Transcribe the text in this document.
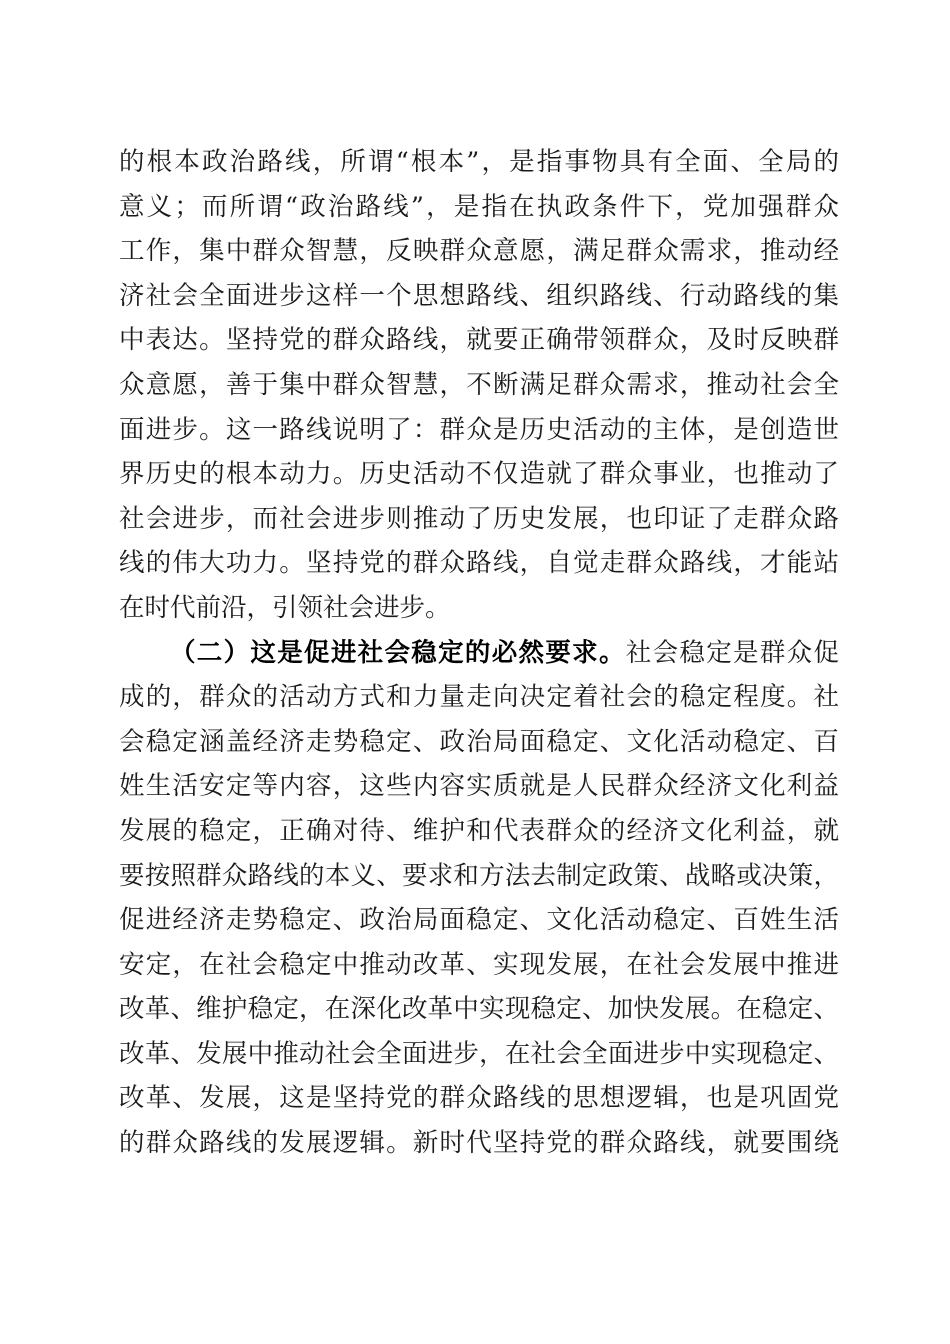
的根本政治路线，所谓“根本”，是指事物具有全面、全局的
意义；而所谓“政治路线”，是指在执政条件下，党加强群众
工作，集中群众智慧，反映群众意愿，满足群众需求，推动经
济社会全面进步这样一个思想路线、组织路线、行动路线的集
中表达。坚持党的群众路线，就要正确带领群众，及时反映群
众意愿，善于集中群众智慧，不断满足群众需求，推动社会全
面进步。这一路线说明了：群众是历史活动的主体，是创造世
界历史的根本动力。历史活动不仅造就了群众事业，也推动了
社会进步，而社会进步则推动了历史发展，也印证了走群众路
线的伟大功力。坚持党的群众路线，自觉走群众路线，才能站
在时代前沿，引领社会进步。
（二）这是促进社会稳定的必然要求。社会稳定是群众促
成的，群众的活动方式和力量走向决定着社会的稳定程度。社
会稳定涵盖经济走势稳定、政治局面稳定、文化活动稳定、百
姓生活安定等内容，这些内容实质就是人民群众经济文化利益
发展的稳定，正确对待、维护和代表群众的经济文化利益，就
要按照群众路线的本义、要求和方法去制定政策、战略或决策，
促进经济走势稳定、政治局面稳定、文化活动稳定、百姓生活
安定，在社会稳定中推动改革、实现发展，在社会发展中推进
改革、维护稳定，在深化改革中实现稳定、加快发展。在稳定、
改革、发展中推动社会全面进步，在社会全面进步中实现稳定、
改革、发展，这是坚持党的群众路线的思想逻辑，也是巩固党
的群众路线的发展逻辑。新时代坚持党的群众路线，就要围绕
